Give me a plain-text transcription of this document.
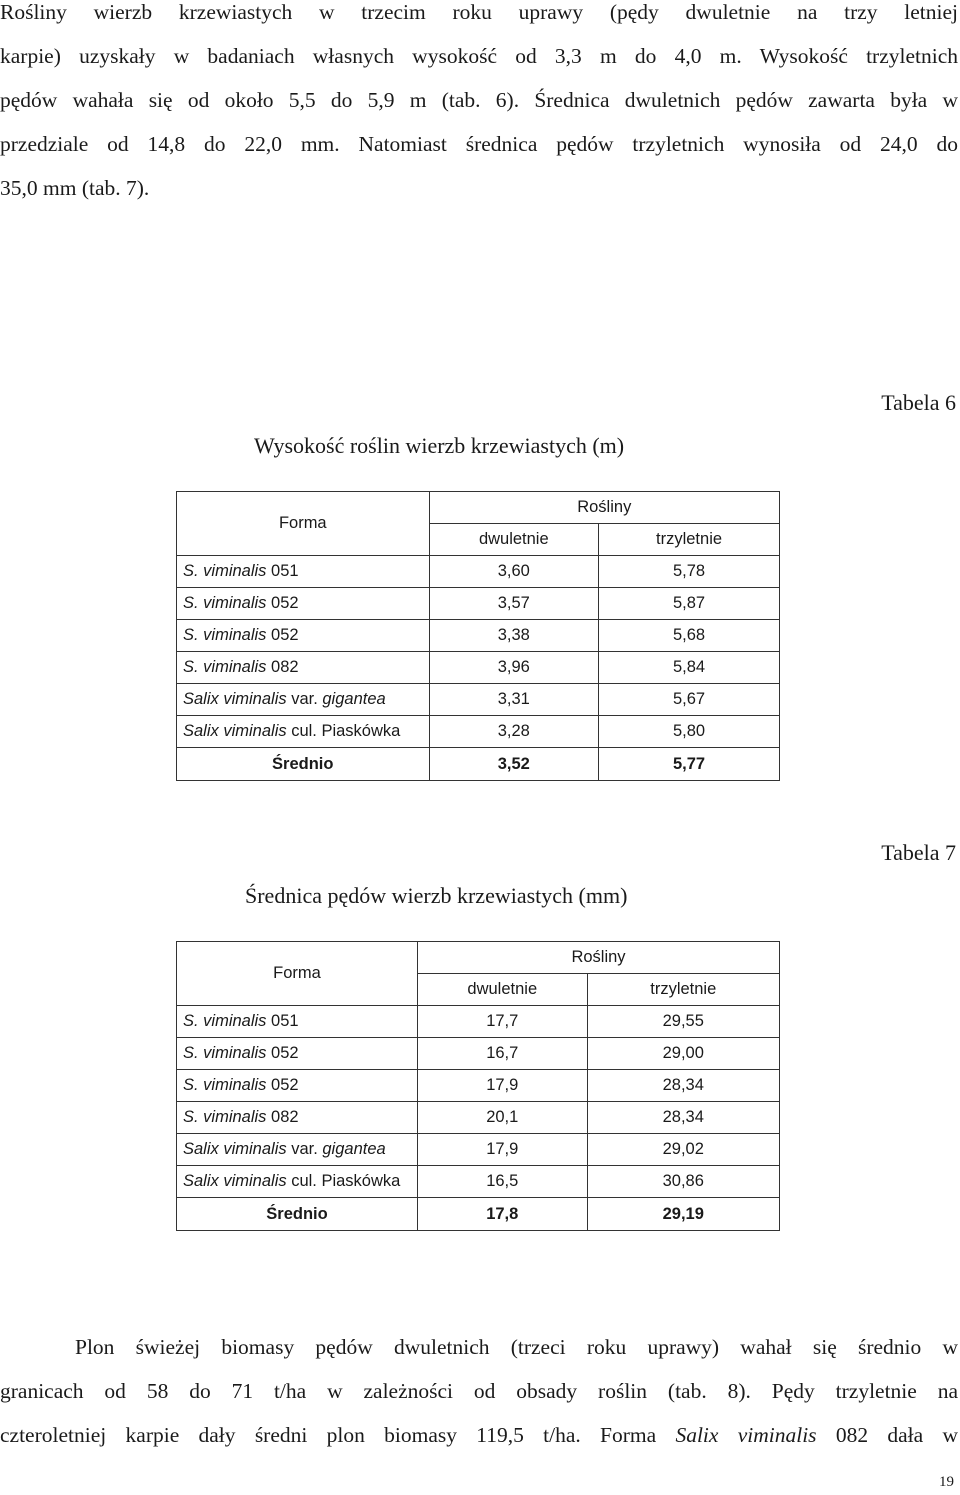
Rośliny wierzb krzewiastych w trzecim roku uprawy (pędy dwuletnie na trzy letniej
karpie) uzyskały w badaniach własnych wysokość od 3,3 m do 4,0 m. Wysokość trzyletnich
pędów wahała się od około 5,5 do 5,9 m (tab. 6). Średnica dwuletnich pędów zawarta była w
przedziale od 14,8 do 22,0 mm. Natomiast średnica pędów trzyletnich wynosiła od 24,0 do
35,0 mm (tab. 7).
Tabela 6
Wysokość roślin wierzb krzewiastych (m)
Forma	Rośliny	
	dwuletnie	trzyletnie
S. viminalis 051	3,60	5,78
S. viminalis 052	3,57	5,87
S. viminalis 052	3,38	5,68
S. viminalis 082	3,96	5,84
Salix viminalis var. gigantea	3,31	5,67
Salix viminalis cul. Piaskówka	3,28	5,80
Średnio	3,52	5,77
Tabela 7
Średnica pędów wierzb krzewiastych (mm)
Forma	Rośliny	
	dwuletnie	trzyletnie
S. viminalis 051	17,7	29,55
S. viminalis 052	16,7	29,00
S. viminalis 052	17,9	28,34
S. viminalis 082	20,1	28,34
Salix viminalis var. gigantea	17,9	29,02
Salix viminalis cul. Piaskówka	16,5	30,86
Średnio	17,8	29,19
Plon świeżej biomasy pędów dwuletnich (trzeci roku uprawy) wahał się średnio w
granicach od 58 do 71 t/ha w zależności od obsady roślin (tab. 8). Pędy trzyletnie na
czteroletniej karpie dały średni plon biomasy 119,5 t/ha. Forma Salix viminalis 082 dała w
19
